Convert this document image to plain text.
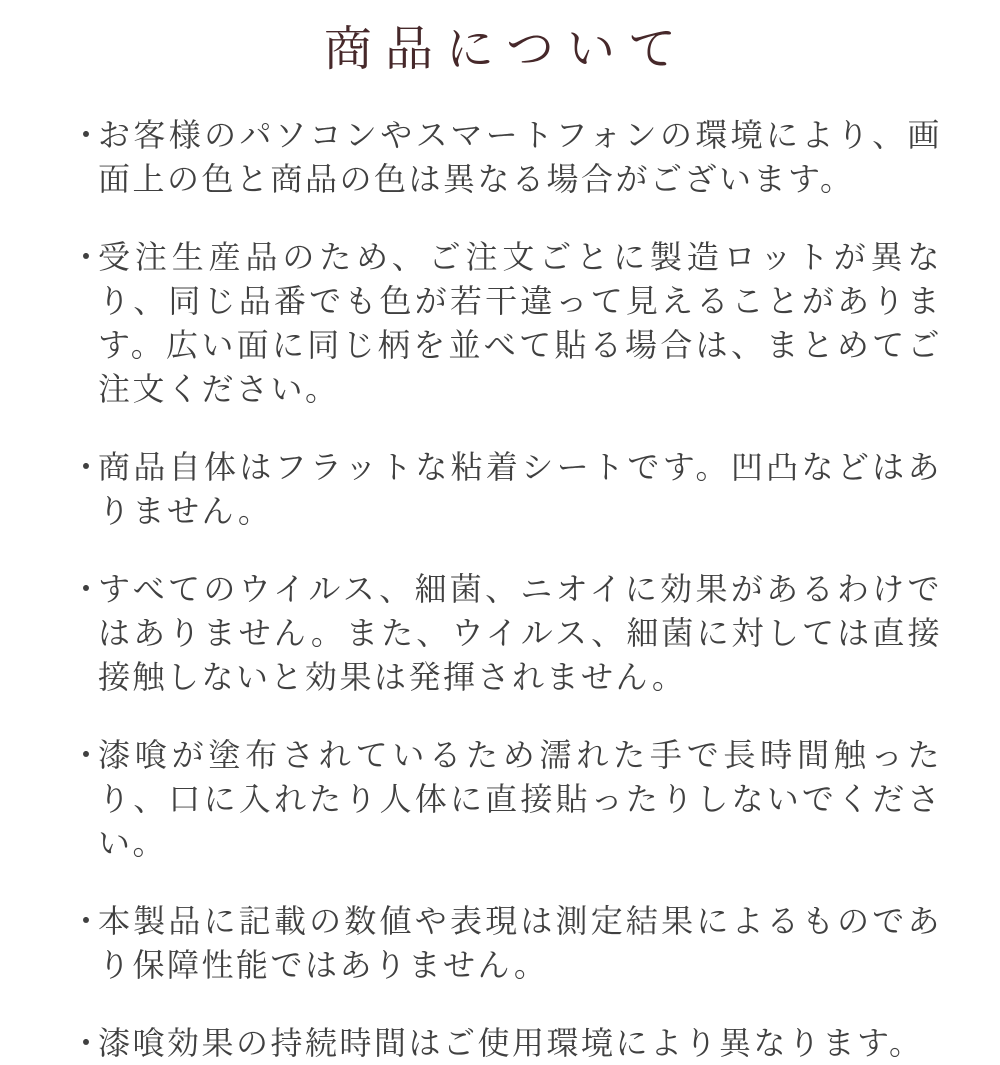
商品について
・
お客様のパソコンやスマートフォンの環境により、画面上の色と商品の色は異なる場合がございます。
・
受注生産品のため、ご注文ごとに製造ロットが異なり、同じ品番でも色が若干違って見えることがあります。広い面に同じ柄を並べて貼る場合は、まとめてご注文ください。
・
商品自体はフラットな粘着シートです。凹凸などはありません。
・
すべてのウイルス、細菌、ニオイに効果があるわけではありません。また、ウイルス、細菌に対しては直接接触しないと効果は発揮されません。
・
漆喰が塗布されているため濡れた手で長時間触ったり、口に入れたり人体に直接貼ったりしないでください。
・
本製品に記載の数値や表現は測定結果によるものであり保障性能ではありません。
・
漆喰効果の持続時間はご使用環境により異なります。
